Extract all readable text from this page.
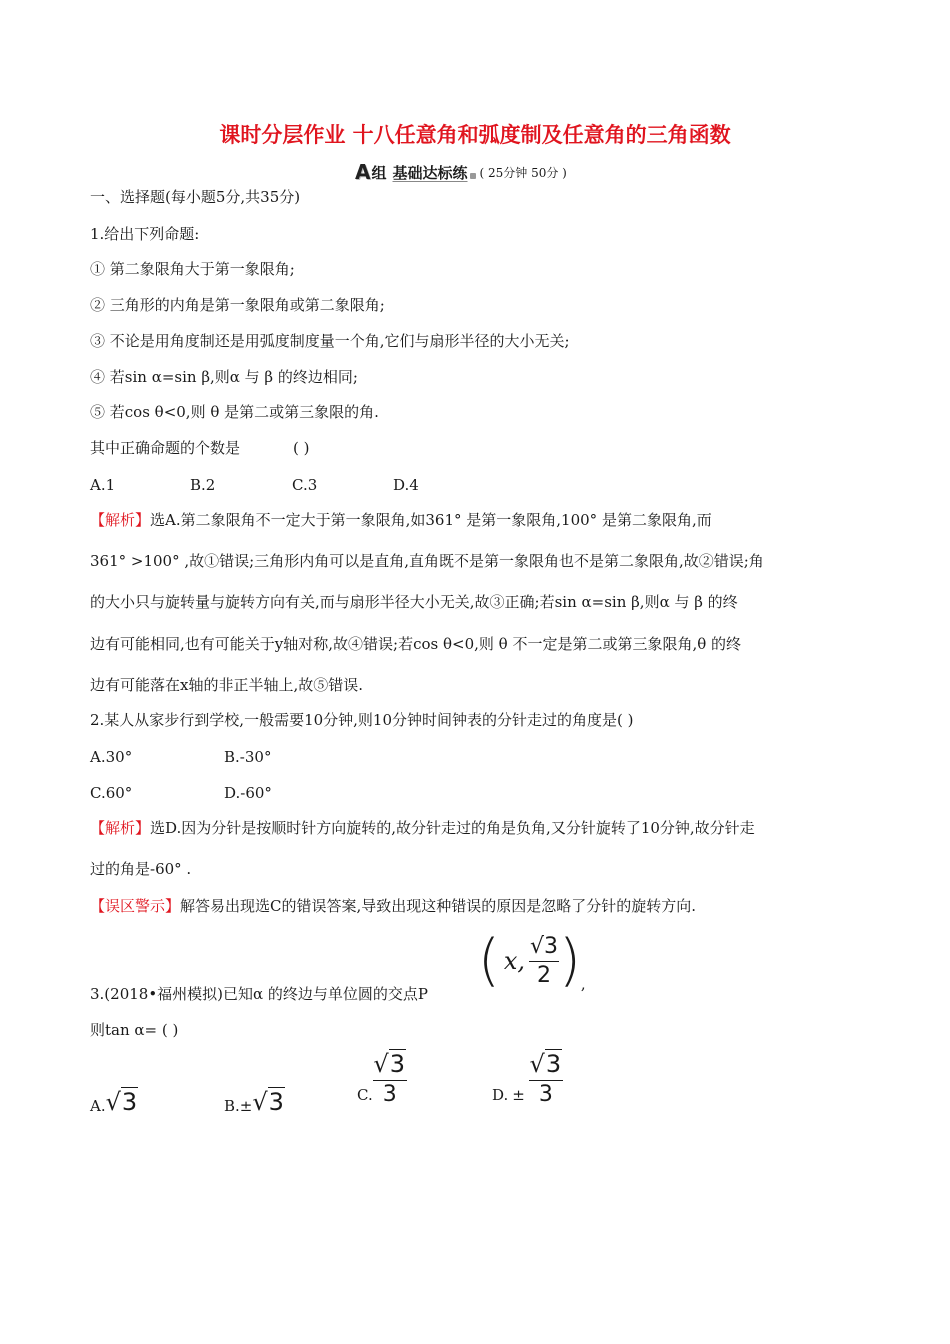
课时分层作业 十八任意角和弧度制及任意角的三角函数
A 组 基础达标练 ( 25分钟 50分 )
一、选择题(每小题5分,共35分)
1.给出下列命题:
① 第二象限角大于第一象限角;
② 三角形的内角是第一象限角或第二象限角;
③ 不论是用角度制还是用弧度制度量一个角,它们与扇形半径的大小无关;
④ 若sin α=sin β,则α 与 β 的终边相同;
⑤ 若cos θ<0,则 θ 是第二或第三象限的角.
其中正确命题的个数是	( )
A.1	B.2	C.3	D.4
【解析】选A.第二象限角不一定大于第一象限角,如361° 是第一象限角,100° 是第二象限角,而
361° >100° ,故①错误;三角形内角可以是直角,直角既不是第一象限角也不是第二象限角,故②错误;角
的大小只与旋转量与旋转方向有关,而与扇形半径大小无关,故③正确;若sin α=sin β,则α 与 β 的终
边有可能相同,也有可能关于y轴对称,故④错误;若cos θ<0,则 θ 不一定是第二或第三象限角,θ 的终
边有可能落在x轴的非正半轴上,故⑤错误.
2.某人从家步行到学校,一般需要10分钟,则10分钟时间钟表的分针走过的角度是( )
A.30°	B.-30°
C.60°	D.-60°
【解析】选D.因为分针是按顺时针方向旋转的,故分针走过的角是负角,又分针旋转了10分钟,故分针走
过的角是-60° .
【误区警示】解答易出现选C的错误答案,导致出现这种错误的原因是忽略了分针的旋转方向.
3.(2018•福州模拟)已知α 的终边与单位圆的交点P
( x, $\frac{√3}{2}$ ) ,
则tan α= ( )
A. √3	B. ± √3	C. $\frac{√3}{3}$	D. ± $\frac{√3}{3}$
